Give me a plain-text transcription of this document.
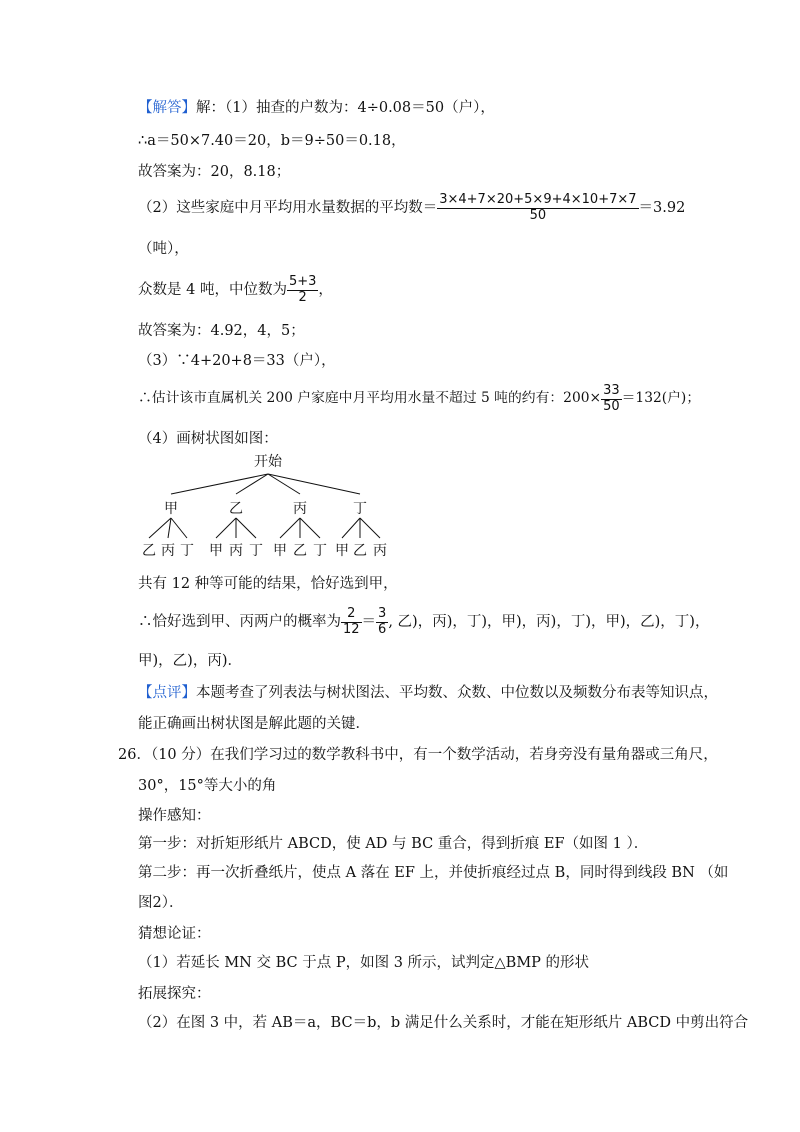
【解答】解：（1）抽查的户数为：4÷0.08＝50（户），
∴a＝50×7.40＝20，b＝9÷50＝0.18，
故答案为：20，8.18；
（2）这些家庭中月平均用水量数据的平均数＝ $\frac{3\times 4+7\times 20+5\times 9+4\times 10+7\times 7}{50} =3.92$
（吨），
众数是 4 吨，中位数为 $\frac{5+3}{2}$ ，
故答案为：4.92，4，5；
（3）∵4+20+8＝33（户），
∴估计该市直属机关 200 户家庭中月平均用水量不超过 5 吨的约有：$200\times \frac{33}{50} =132$(户)；
（4）画树状图如图：
开始
甲	乙	丙	丁
乙 丙 丁 甲 丙 丁 甲 乙 丁 甲 乙 丙
共有 12 种等可能的结果，恰好选到甲，
∴恰好选到甲、丙两户的概率为 $\frac{2}{12} = \frac{3}{6}$ , 乙)，丙)，丁)，甲)，丙)，丁)，甲)，乙)，丁)，
甲)，乙)，丙)．
【点评】本题考查了列表法与树状图法、平均数、众数、中位数以及频数分布表等知识点，
能正确画出树状图是解此题的关键．
26．（10 分）在我们学习过的数学教科书中，有一个数学活动，若身旁没有量角器或三角尺，
30°，15°等大小的角
操作感知：
第一步：对折矩形纸片 ABCD，使 AD 与 BC 重合，得到折痕 EF（如图 1 ）．
第二步：再一次折叠纸片，使点 A 落在 EF 上，并使折痕经过点 B，同时得到线段 BN （如
图2）．
猜想论证：
（1）若延长 MN 交 BC 于点 P，如图 3 所示，试判定△BMP 的形状
拓展探究：
（2）在图 3 中，若 AB＝a，BC＝b，b 满足什么关系时，才能在矩形纸片 ABCD 中剪出符合
